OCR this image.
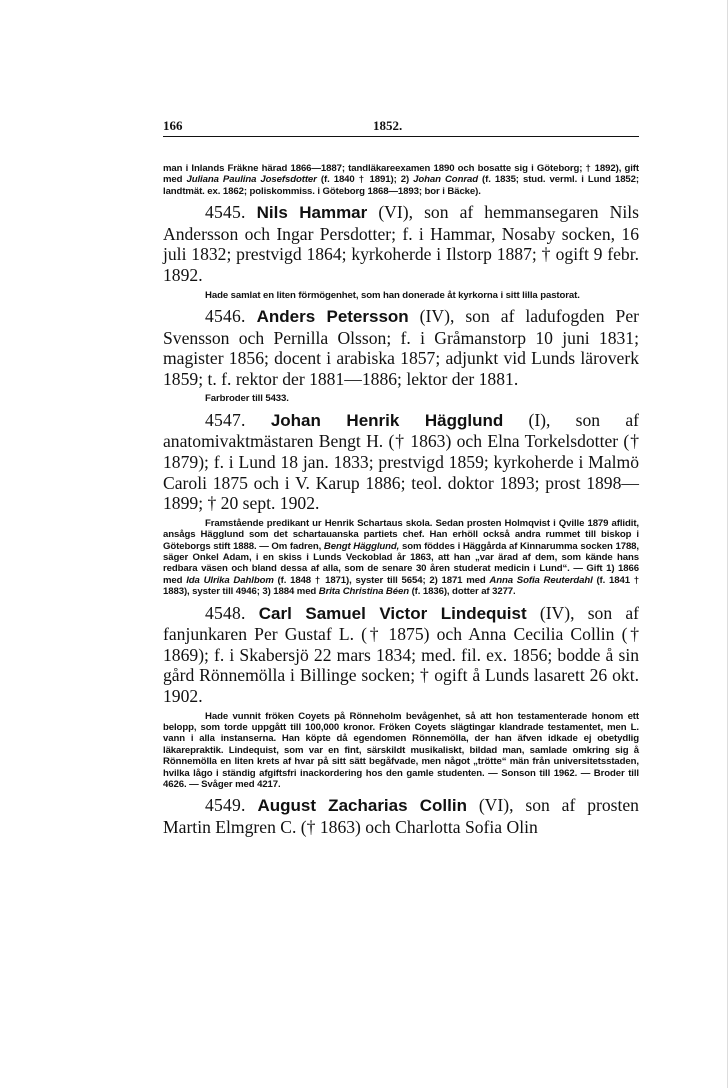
166	1852.

man i Inlands Fräkne härad 1866—1887; tandläkareexamen 1890 och bosatte sig i Göteborg; † 1892), gift med Juliana Paulina Josefsdotter (f. 1840 † 1891); 2) Johan Conrad (f. 1835; stud. verml. i Lund 1852; landtmät. ex. 1862; poliskommiss. i Göteborg 1868—1893; bor i Bäcke).

4545. Nils Hammar (VI), son af hemmansegaren Nils Andersson och Ingar Persdotter; f. i Hammar, Nosaby socken, 16 juli 1832; prestvigd 1864; kyrkoherde i Ilstorp 1887; † ogift 9 febr. 1892.

Hade samlat en liten förmögenhet, som han donerade åt kyrkorna i sitt lilla pastorat.

4546. Anders Petersson (IV), son af ladufogden Per Svensson och Pernilla Olsson; f. i Gråmanstorp 10 juni 1831; magister 1856; docent i arabiska 1857; adjunkt vid Lunds läroverk 1859; t. f. rektor der 1881—1886; lektor der 1881.

Farbroder till 5433.

4547. Johan Henrik Hägglund (I), son af anatomivaktmästaren Bengt H. († 1863) och Elna Torkelsdotter († 1879); f. i Lund 18 jan. 1833; prestvigd 1859; kyrkoherde i Malmö Caroli 1875 och i V. Karup 1886; teol. doktor 1893; prost 1898—1899; † 20 sept. 1902.

Framstående predikant ur Henrik Schartaus skola. Sedan prosten Holmqvist i Qville 1879 aflidit, ansågs Hägglund som det schartauanska partiets chef. Han erhöll också andra rummet till biskop i Göteborgs stift 1888. — Om fadren, Bengt Hägglund, som föddes i Häggårda af Kinnarumma socken 1788, säger Onkel Adam, i en skiss i Lunds Veckoblad år 1863, att han „var ärad af dem, som kände hans redbara väsen och bland dessa af alla, som de senare 30 åren studerat medicin i Lund“. — Gift 1) 1866 med Ida Ulrika Dahlbom (f. 1848 † 1871), syster till 5654; 2) 1871 med Anna Sofia Reuterdahl (f. 1841 † 1883), syster till 4946; 3) 1884 med Brita Christina Béen (f. 1836), dotter af 3277.

4548. Carl Samuel Victor Lindequist (IV), son af fanjunkaren Per Gustaf L. († 1875) och Anna Cecilia Collin († 1869); f. i Skabersjö 22 mars 1834; med. fil. ex. 1856; bodde å sin gård Rönnemölla i Billinge socken; † ogift å Lunds lasarett 26 okt. 1902.

Hade vunnit fröken Coyets på Rönneholm bevågenhet, så att hon testamenterade honom ett belopp, som torde uppgått till 100,000 kronor. Fröken Coyets slägtingar klandrade testamentet, men L. vann i alla instanserna. Han köpte då egendomen Rönnemölla, der han äfven idkade ej obetydlig läkarepraktik. Lindequist, som var en fint, särskildt musikaliskt, bildad man, samlade omkring sig å Rönnemölla en liten krets af hvar på sitt sätt begåfvade, men något „trötte“ män från universitetsstaden, hvilka lågo i ständig afgiftsfri inackordering hos den gamle studenten. — Sonson till 1962. — Broder till 4626. — Svåger med 4217.

4549. August Zacharias Collin (VI), son af prosten Martin Elmgren C. († 1863) och Charlotta Sofia Olin
